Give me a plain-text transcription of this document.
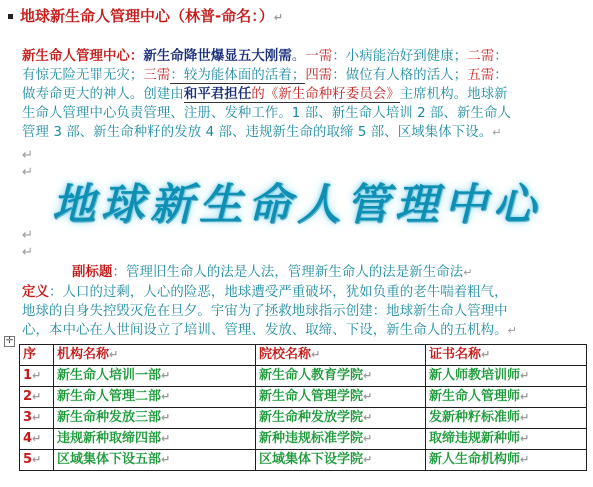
地球新生命人管理中心（林普-命名：）↵
新生命人管理中心：新生命降世爆显五大刚需。一需：小病能治好到健康；二需：
有惊无险无罪无灾；三需：较为能体面的活着；四需：做位有人格的活人；五需：
做寿命更大的神人。创建由和平君担任的《新生命种籽委员会》主席机构。地球新
生命人管理中心负责管理、注册、发种工作。1 部、新生命人培训 2 部、新生命人
管理 3 部、新生命种籽的发放 4 部、违规新生命的取缔 5 部、区域集体下设。↵
↵
↵
地球新生命人管理中心
↵
↵
副标题：管理旧生命人的法是人法，管理新生命人的法是新生命法↵
定义：人口的过剩，人心的险恶，地球遭受严重破坏，犹如负重的老牛喘着粗气，
地球的自身失控毁灭危在旦夕。宇宙为了拯救地球指示创建：地球新生命人管理中
心，本中心在人世间设立了培训、管理、发放、取缔、下设，新生命人的五机构。↵
✛
序	机构名称↵	院校名称↵	证书名称↵
1↵	新生命人培训一部↵	新生命人教育学院↵	新人师教培训师↵
2↵	新生命人管理二部↵	新生命人管理学院↵	新生命人管理师↵
3↵	新生命种发放三部↵	新生命种发放学院↵	发新种籽标准师↵
4↵	违规新种取缔四部↵	新种违规标准学院↵	取缔违规新种师↵
5↵	区域集体下设五部↵	区域集体下设学院↵	新人生命机构师↵
